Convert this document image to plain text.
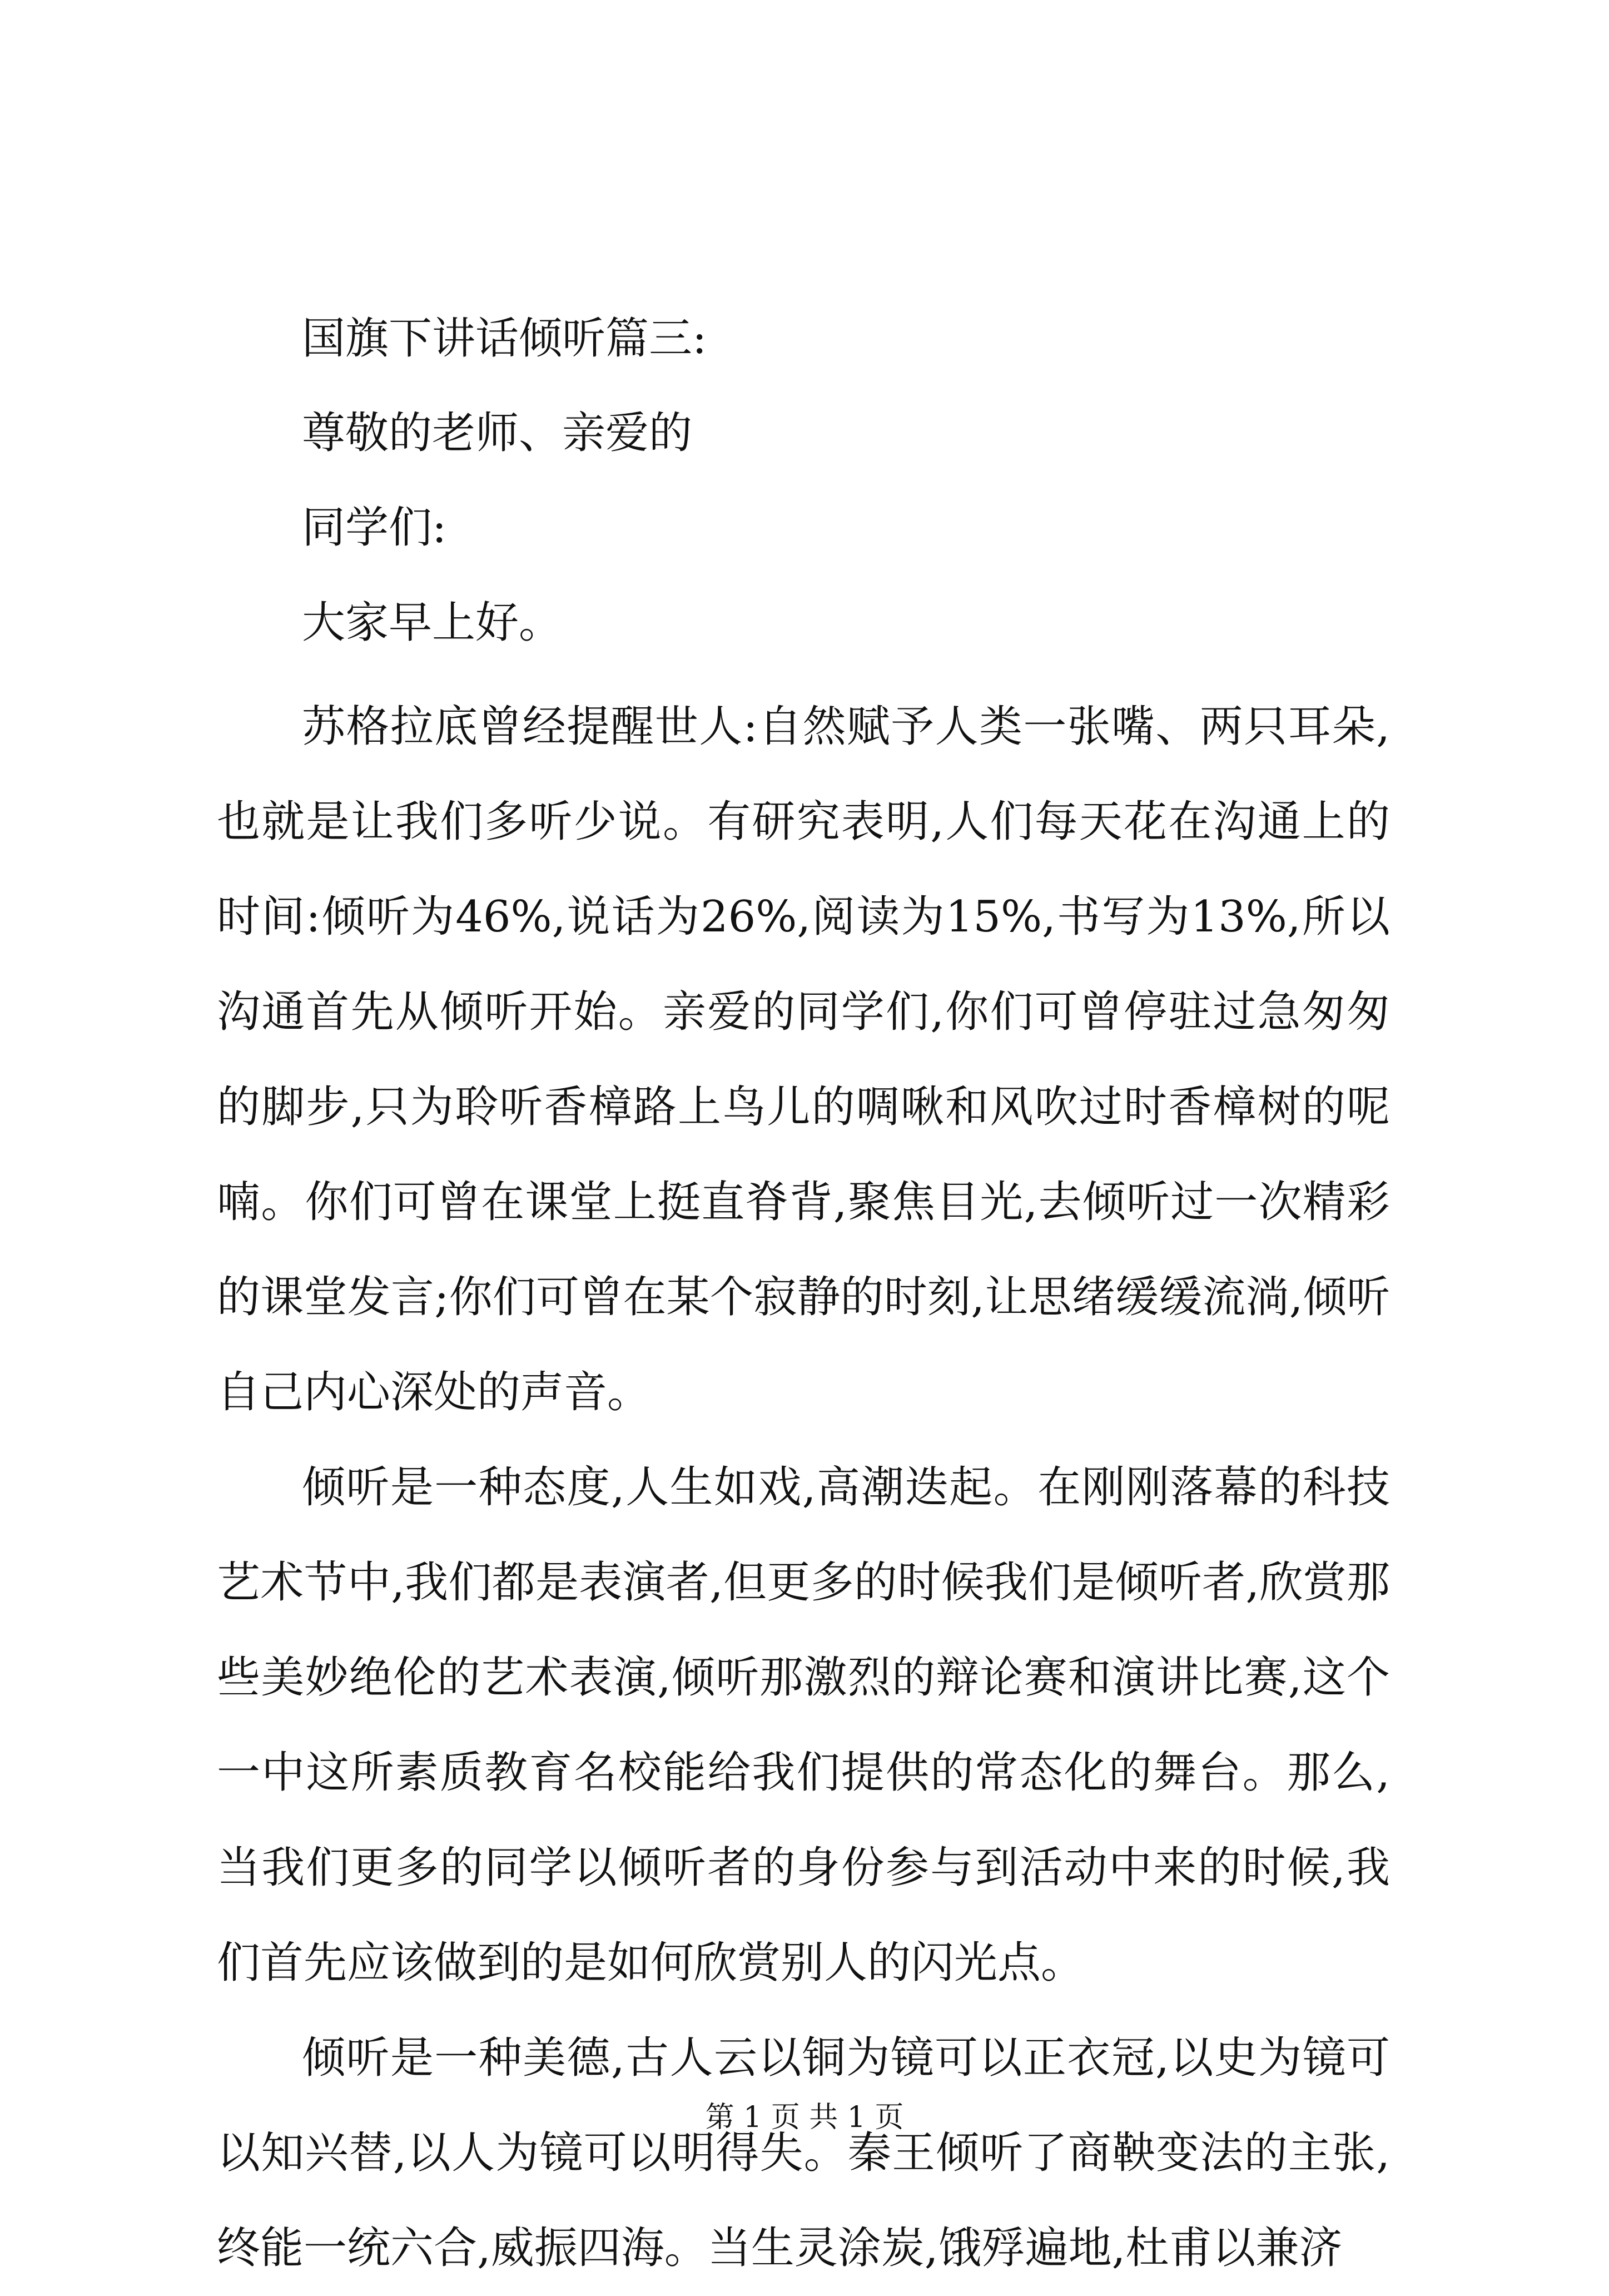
国旗下讲话倾听篇三:
尊敬的老师、亲爱的
同学们:
大家早上好。

苏格拉底曾经提醒世人:自然赋予人类一张嘴、两只耳朵,也就是让我们多听少说。有研究表明,人们每天花在沟通上的时间:倾听为46%,说话为26%,阅读为15%,书写为13%,所以沟通首先从倾听开始。亲爱的同学们,你们可曾停驻过急匆匆的脚步,只为聆听香樟路上鸟儿的啁啾和风吹过时香樟树的呢喃。你们可曾在课堂上挺直脊背,聚焦目光,去倾听过一次精彩的课堂发言;你们可曾在某个寂静的时刻,让思绪缓缓流淌,倾听自己内心深处的声音。

倾听是一种态度,人生如戏,高潮迭起。在刚刚落幕的科技艺术节中,我们都是表演者,但更多的时候我们是倾听者,欣赏那些美妙绝伦的艺术表演,倾听那激烈的辩论赛和演讲比赛,这个一中这所素质教育名校能给我们提供的常态化的舞台。那么,当我们更多的同学以倾听者的身份参与到活动中来的时候,我们首先应该做到的是如何欣赏别人的闪光点。

倾听是一种美德,古人云以铜为镜可以正衣冠,以史为镜可以知兴替,以人为镜可以明得失。秦王倾听了商鞅变法的主张,终能一统六合,威振四海。当生灵涂炭,饿殍遍地,杜甫以兼济

第 1 页 共 1 页
